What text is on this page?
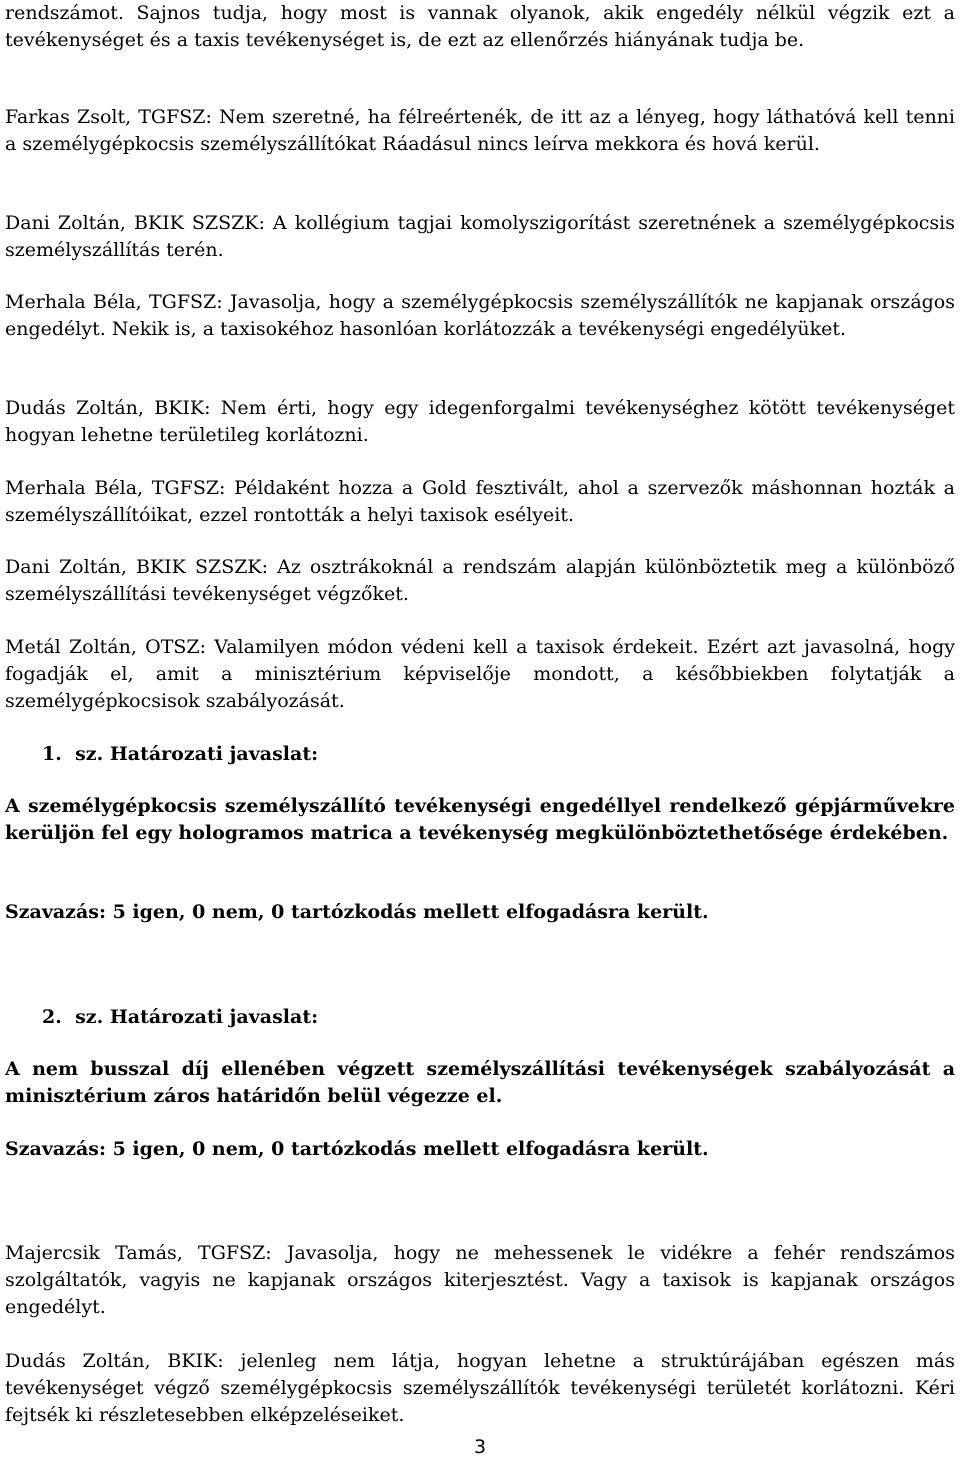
rendszámot. Sajnos tudja, hogy most is vannak olyanok, akik engedély nélkül végzik ezt a tevékenységet és a taxis tevékenységet is, de ezt az ellenőrzés hiányának tudja be.

Farkas Zsolt, TGFSZ: Nem szeretné, ha félreértenék, de itt az a lényeg, hogy láthatóvá kell tenni a személygépkocsis személyszállítókat Ráadásul nincs leírva mekkora és hová kerül.

Dani Zoltán, BKIK SZSZK: A kollégium tagjai komolyszigorítást szeretnének a személygépkocsis személyszállítás terén.

Merhala Béla, TGFSZ: Javasolja, hogy a személygépkocsis személyszállítók ne kapjanak országos engedélyt. Nekik is, a taxisokéhoz hasonlóan korlátozzák a tevékenységi engedélyüket.

Dudás Zoltán, BKIK: Nem érti, hogy egy idegenforgalmi tevékenységhez kötött tevékenységet hogyan lehetne területileg korlátozni.

Merhala Béla, TGFSZ: Példaként hozza a Gold fesztivált, ahol a szervezők máshonnan hozták a személyszállítóikat, ezzel rontották a helyi taxisok esélyeit.

Dani Zoltán, BKIK SZSZK: Az osztrákoknál a rendszám alapján különböztetik meg a különböző személyszállítási tevékenységet végzőket.

Metál Zoltán, OTSZ: Valamilyen módon védeni kell a taxisok érdekeit. Ezért azt javasolná, hogy fogadják el, amit a minisztérium képviselője mondott, a későbbiekben folytatják a személygépkocsisok szabályozását.

1. sz. Határozati javaslat:

A személygépkocsis személyszállító tevékenységi engedéllyel rendelkező gépjárművekre kerüljön fel egy hologramos matrica a tevékenység megkülönböztethetősége érdekében.

Szavazás: 5 igen, 0 nem, 0 tartózkodás mellett elfogadásra került.

2. sz. Határozati javaslat:

A nem busszal díj ellenében végzett személyszállítási tevékenységek szabályozását a minisztérium záros határidőn belül végezze el.

Szavazás: 5 igen, 0 nem, 0 tartózkodás mellett elfogadásra került.

Majercsik Tamás, TGFSZ: Javasolja, hogy ne mehessenek le vidékre a fehér rendszámos szolgáltatók, vagyis ne kapjanak országos kiterjesztést. Vagy a taxisok is kapjanak országos engedélyt.

Dudás Zoltán, BKIK: jelenleg nem látja, hogyan lehetne a struktúrájában egészen más tevékenységet végző személygépkocsis személyszállítók tevékenységi területét korlátozni. Kéri fejtsék ki részletesebben elképzeléseiket.

3
